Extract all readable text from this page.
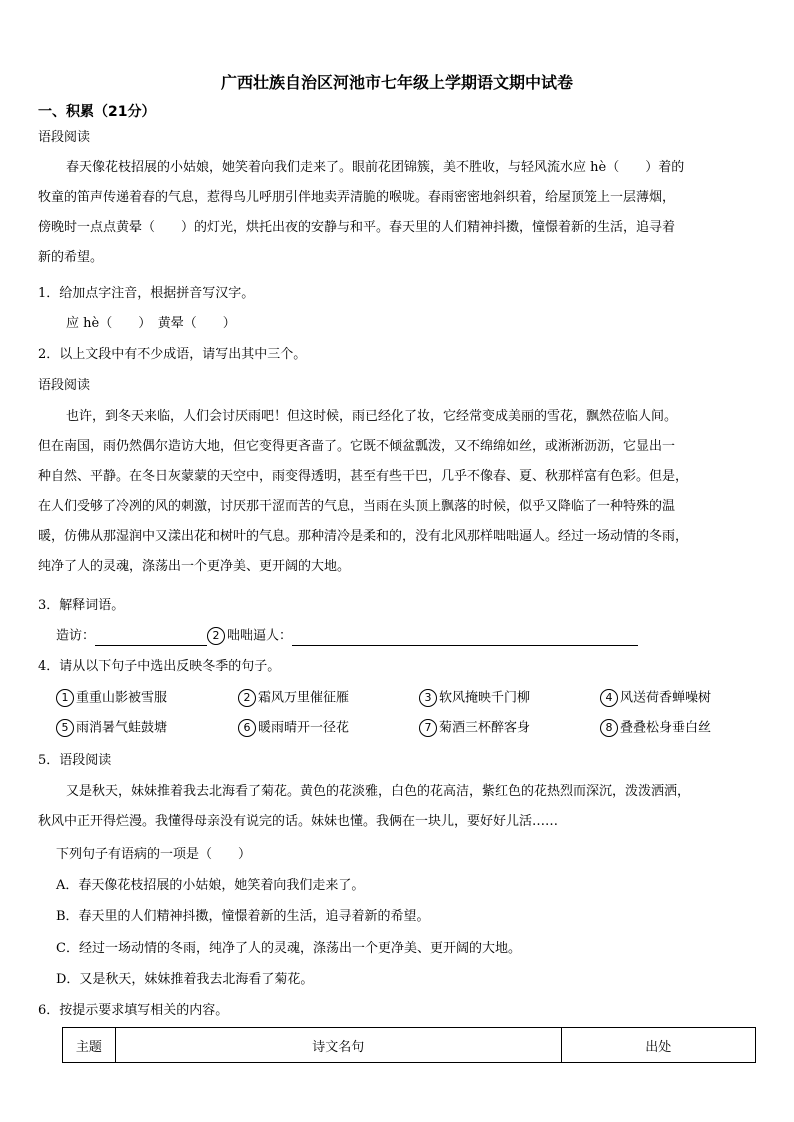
广西壮族自治区河池市七年级上学期语文期中试卷
一、积累（21分）
语段阅读
春天像花枝招展的小姑娘，她笑着向我们走来了。眼前花团锦簇，美不胜收，与轻风流水应 hè（　　）着的
牧童的笛声传递着春的气息，惹得鸟儿呼朋引伴地卖弄清脆的喉咙。春雨密密地斜织着，给屋顶笼上一层薄烟，
傍晚时一点点黄晕（　　）的灯光，烘托出夜的安静与和平。春天里的人们精神抖擞，憧憬着新的生活，追寻着
新的希望。
1．给加点字注音，根据拼音写汉字。
应 hè（　　）　黄晕（　　）
2．以上文段中有不少成语，请写出其中三个。
语段阅读
也许，到冬天来临，人们会讨厌雨吧！但这时候，雨已经化了妆，它经常变成美丽的雪花，飘然莅临人间。
但在南国，雨仍然偶尔造访大地，但它变得更吝啬了。它既不倾盆瓢泼，又不绵绵如丝，或淅淅沥沥，它显出一
种自然、平静。在冬日灰蒙蒙的天空中，雨变得透明，甚至有些干巴，几乎不像春、夏、秋那样富有色彩。但是，
在人们受够了冷冽的风的刺激，讨厌那干涩而苦的气息，当雨在头顶上飘落的时候，似乎又降临了一种特殊的温
暖，仿佛从那湿润中又漾出花和树叶的气息。那种清冷是柔和的，没有北风那样咄咄逼人。经过一场动情的冬雨，
纯净了人的灵魂，涤荡出一个更净美、更开阔的大地。
3．解释词语。
造访：	2 咄咄逼人：
4．请从以下句子中选出反映冬季的句子。
1 重重山影被雪服	2 霜风万里催征雁	3 软风掩映千门柳	4 风送荷香蝉噪树
5 雨消暑气蛙鼓塘	6 暖雨晴开一径花	7 菊酒三杯醉客身	8 叠叠松身垂白丝
5．语段阅读
又是秋天，妹妹推着我去北海看了菊花。黄色的花淡雅，白色的花高洁，紫红色的花热烈而深沉，泼泼洒洒，
秋风中正开得烂漫。我懂得母亲没有说完的话。妹妹也懂。我俩在一块儿，要好好儿活……
下列句子有语病的一项是（　　）
A．春天像花枝招展的小姑娘，她笑着向我们走来了。
B．春天里的人们精神抖擞，憧憬着新的生活，追寻着新的希望。
C．经过一场动情的冬雨，纯净了人的灵魂，涤荡出一个更净美、更开阔的大地。
D．又是秋天，妹妹推着我去北海看了菊花。
6．按提示要求填写相关的内容。
主题	诗文名句	出处
